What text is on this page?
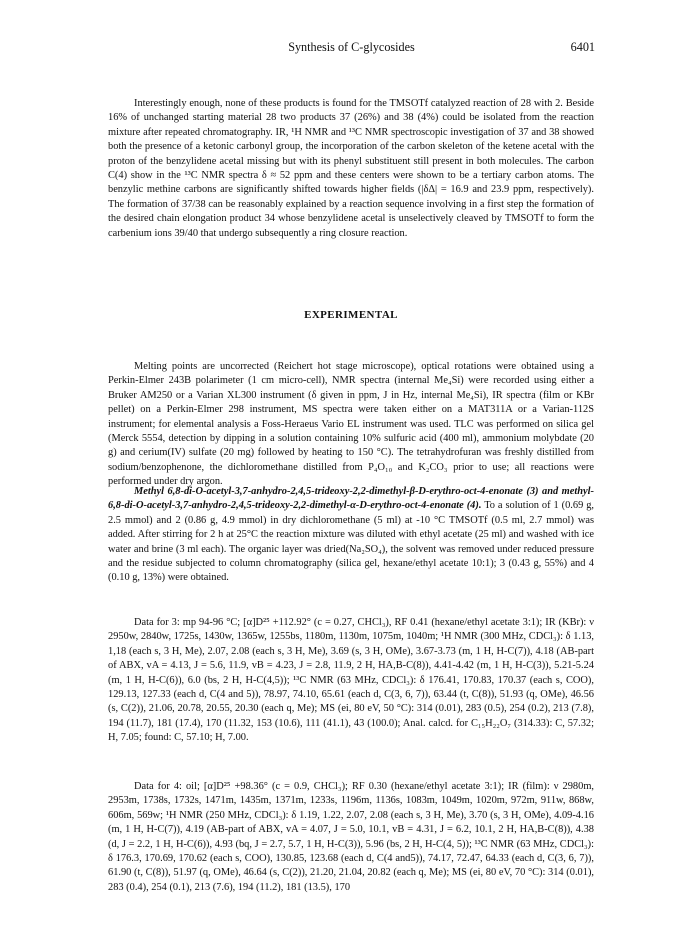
Synthesis of C-glycosides	6401

Interestingly enough, none of these products is found for the TMSOTf catalyzed reaction of 28 with 2. Beside 16% of unchanged starting material 28 two products 37 (26%) and 38 (4%) could be isolated from the reaction mixture after repeated chromatography. IR, ¹H NMR and ¹³C NMR spectroscopic investigation of 37 and 38 showed both the presence of a ketonic carbonyl group, the incorporation of the carbon skeleton of the ketene acetal with the proton of the benzylidene acetal missing but with its phenyl substituent still present in both molecules. The carbon C(4) show in the ¹³C NMR spectra δ ≈ 52 ppm and these centers were shown to be a tertiary carbon atoms. The benzylic methine carbons are significantly shifted towards higher fields (|δΔ| = 16.9 and 23.9 ppm, respectively). The formation of 37/38 can be reasonably explained by a reaction sequence involving in a first step the formation of the desired chain elongation product 34 whose benzylidene acetal is unselectively cleaved by TMSOTf to form the carbenium ions 39/40 that undergo subsequently a ring closure reaction.

EXPERIMENTAL

Melting points are uncorrected (Reichert hot stage microscope), optical rotations were obtained using a Perkin-Elmer 243B polarimeter (1 cm micro-cell), NMR spectra (internal Me₄Si) were recorded using either a Bruker AM250 or a Varian XL300 instrument (δ given in ppm, J in Hz, internal Me₄Si), IR spectra (film or KBr pellet) on a Perkin-Elmer 298 instrument, MS spectra were taken either on a MAT311A or a Varian-112S instrument; for elemental analysis a Foss-Heraeus Vario EL instrument was used. TLC was performed on silica gel (Merck 5554, detection by dipping in a solution containing 10% sulfuric acid (400 ml), ammonium molybdate (20 g) and cerium(IV) sulfate (20 mg) followed by heating to 150 °C). The tetrahydrofuran was freshly distilled from sodium/benzophenone, the dichloromethane distilled from P₄O₁₀ and K₂CO₃ prior to use; all reactions were performed under dry argon.

Methyl 6,8-di-O-acetyl-3,7-anhydro-2,4,5-trideoxy-2,2-dimethyl-β-D-erythro-oct-4-enonate (3) and methyl-6,8-di-O-acetyl-3,7-anhydro-2,4,5-trideoxy-2,2-dimethyl-α-D-erythro-oct-4-enonate (4). To a solution of 1 (0.69 g, 2.5 mmol) and 2 (0.86 g, 4.9 mmol) in dry dichloromethane (5 ml) at -10 °C TMSOTf (0.5 ml, 2.7 mmol) was added. After stirring for 2 h at 25°C the reaction mixture was diluted with ethyl acetate (25 ml) and washed with ice water and brine (3 ml each). The organic layer was dried(Na₂SO₄), the solvent was removed under reduced pressure and the residue subjected to column chromatography (silica gel, hexane/ethyl acetate 10:1); 3 (0.43 g, 55%) and 4 (0.10 g, 13%) were obtained.

Data for 3: mp 94-96 °C; [α]D²⁵ +112.92° (c = 0.27, CHCl₃), RF 0.41 (hexane/ethyl acetate 3:1); IR (KBr): ν 2950w, 2840w, 1725s, 1430w, 1365w, 1255bs, 1180m, 1130m, 1075m, 1040m; ¹H NMR (300 MHz, CDCl₃): δ 1.13, 1,18 (each s, 3 H, Me), 2.07, 2.08 (each s, 3 H, Me), 3.69 (s, 3 H, OMe), 3.67-3.73 (m, 1 H, H-C(7)), 4.18 (AB-part of ABX, vA = 4.13, J = 5.6, 11.9, vB = 4.23, J = 2.8, 11.9, 2 H, HA,B-C(8)), 4.41-4.42 (m, 1 H, H-C(3)), 5.21-5.24 (m, 1 H, H-C(6)), 6.0 (bs, 2 H, H-C(4,5)); ¹³C NMR (63 MHz, CDCl₃): δ 176.41, 170.83, 170.37 (each s, COO), 129.13, 127.33 (each d, C(4 and 5)), 78.97, 74.10, 65.61 (each d, C(3, 6, 7)), 63.44 (t, C(8)), 51.93 (q, OMe), 46.56 (s, C(2)), 21.06, 20.78, 20.55, 20.30 (each q, Me); MS (ei, 80 eV, 50 °C): 314 (0.01), 283 (0.5), 254 (0.2), 213 (7.8), 194 (11.7), 181 (17.4), 170 (11.32, 153 (10.6), 111 (41.1), 43 (100.0); Anal. calcd. for C₁₅H₂₂O₇ (314.33): C, 57.32; H, 7.05; found: C, 57.10; H, 7.00.

Data for 4: oil; [α]D²⁵ +98.36° (c = 0.9, CHCl₃); RF 0.30 (hexane/ethyl acetate 3:1); IR (film): ν 2980m, 2953m, 1738s, 1732s, 1471m, 1435m, 1371m, 1233s, 1196m, 1136s, 1083m, 1049m, 1020m, 972m, 911w, 868w, 606m, 569w; ¹H NMR (250 MHz, CDCl₃): δ 1.19, 1.22, 2.07, 2.08 (each s, 3 H, Me), 3.70 (s, 3 H, OMe), 4.09-4.16 (m, 1 H, H-C(7)), 4.19 (AB-part of ABX, vA = 4.07, J = 5.0, 10.1, vB = 4.31, J = 6.2, 10.1, 2 H, HA,B-C(8)), 4.38 (d, J = 2.2, 1 H, H-C(6)), 4.93 (bq, J = 2.7, 5.7, 1 H, H-C(3)), 5.96 (bs, 2 H, H-C(4, 5)); ¹³C NMR (63 MHz, CDCl₃): δ 176.3, 170.69, 170.62 (each s, COO), 130.85, 123.68 (each d, C(4 and5)), 74.17, 72.47, 64.33 (each d, C(3, 6, 7)), 61.90 (t, C(8)), 51.97 (q, OMe), 46.64 (s, C(2)), 21.20, 21.04, 20.82 (each q, Me); MS (ei, 80 eV, 70 °C): 314 (0.01), 283 (0.4), 254 (0.1), 213 (7.6), 194 (11.2), 181 (13.5), 170
